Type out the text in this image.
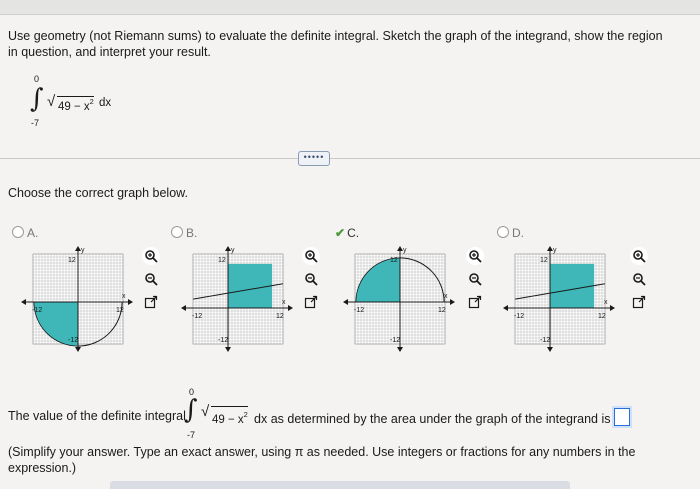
Use geometry (not Riemann sums) to evaluate the definite integral. Sketch the graph of the integrand, show the region in question, and interpret your result.
0
∫
-7
√ $49 - x^2$ dx
•••••
Choose the correct graph below.
A.	B.	✔ C.	D.
y
x
-12	12
12
-12
y
x
-12	12
12
-12
y
x
-12	12
12
-12
y
x
-12	12
12
-12
The value of the definite integral
0
∫
-7
√ $49 - x^2$ dx as determined by the area under the graph of the integrand is
(Simplify your answer. Type an exact answer, using π as needed. Use integers or fractions for any numbers in the expression.)
